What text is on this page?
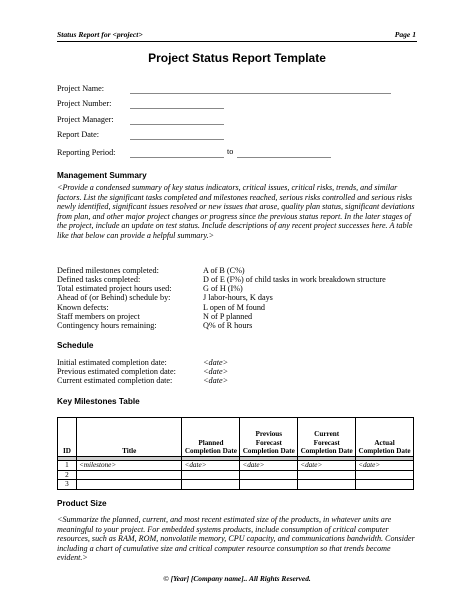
Status Report for <project>	Page 1
Project Status Report Template
Project Name:
Project Number:
Project Manager:
Report Date:
Reporting Period:	to
Management Summary

<Provide a condensed summary of key status indicators, critical issues, critical risks, trends, and similar factors. List the significant tasks completed and milestones reached, serious risks controlled and serious risks newly identified, significant issues resolved or new issues that arose, quality plan status, significant deviations from plan, and other major project changes or progress since the previous status report. In the later stages of the project, include an update on test status. Include descriptions of any recent project successes here. A table like that below can provide a helpful summary.>

Defined milestones completed:	A of B (C%)
Defined tasks completed:	D of E (F%) of child tasks in work breakdown structure
Total estimated project hours used:	G of H (I%)
Ahead of (or Behind) schedule by:	J labor-hours, K days
Known defects:	L open of M found
Staff members on project	N of P planned
Contingency hours remaining:	Q% of R hours
Schedule
Initial estimated completion date:	<date>
Previous estimated completion date:	<date>
Current estimated completion date:	<date>
Key Milestones Table
ID	Title	Planned Completion Date	Previous Forecast Completion Date	Current Forecast Completion Date	Actual Completion Date

1	<milestone>	<date>	<date>	<date>	<date>
2					
3					
Product Size

<Summarize the planned, current, and most recent estimated size of the products, in whatever units are meaningful to your project. For embedded systems products, include consumption of critical computer resources, such as RAM, ROM, nonvolatile memory, CPU capacity, and communications bandwidth. Consider including a chart of cumulative size and critical computer resource consumption so that trends become evident.>

© [Year] [Company name].. All Rights Reserved.
